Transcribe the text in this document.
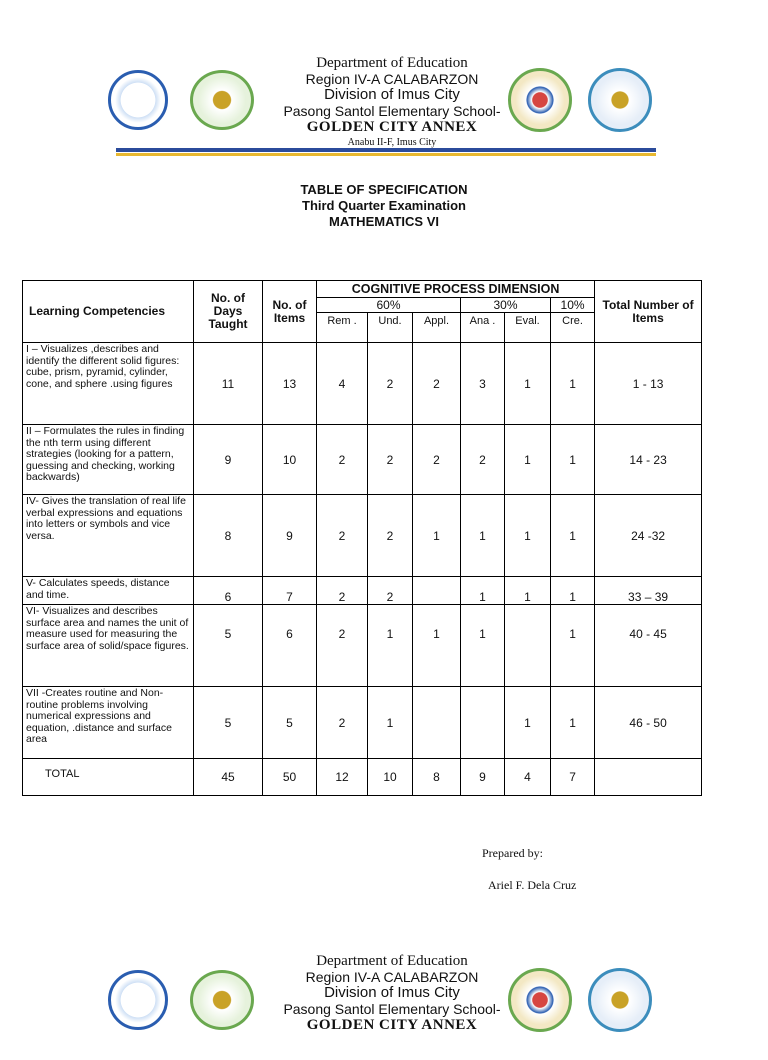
Department of Education
Region IV-A CALABARZON
Division of Imus City
Pasong Santol Elementary School-
GOLDEN CITY ANNEX
Anabu II-F, Imus City
TABLE OF SPECIFICATION
Third Quarter Examination
MATHEMATICS VI
Learning Competencies	No. of Days Taught	No. of Items	COGNITIVE PROCESS DIMENSION						Total Number of Items
			60%			30%		10%	
			Rem .	Und.	Appl.	Ana .	Eval.	Cre.	
I – Visualizes ,describes and identify the different solid figures: cube, prism, pyramid, cylinder, cone, and sphere .using figures	11	13	4	2	2	3	1	1	1 - 13
II – Formulates the rules in finding the nth term using different strategies (looking for a pattern, guessing and checking, working backwards)	9	10	2	2	2	2	1	1	14 - 23
IV- Gives the translation of real life verbal expressions and equations into letters or symbols and vice versa.	8	9	2	2	1	1	1	1	24 -32
V- Calculates speeds, distance and time.	6	7	2	2		1	1	1	33 – 39
VI- Visualizes and describes surface area and names the unit of measure used for measuring the surface area of solid/space figures.	5	6	2	1	1	1		1	40 - 45
VII -Creates routine and Non-routine problems involving numerical expressions and equation, .distance and surface area	5	5	2	1			1	1	46 - 50
TOTAL	45	50	12	10	8	9	4	7	
Prepared by:
Ariel F. Dela Cruz
Department of Education
Region IV-A CALABARZON
Division of Imus City
Pasong Santol Elementary School-
GOLDEN CITY ANNEX
